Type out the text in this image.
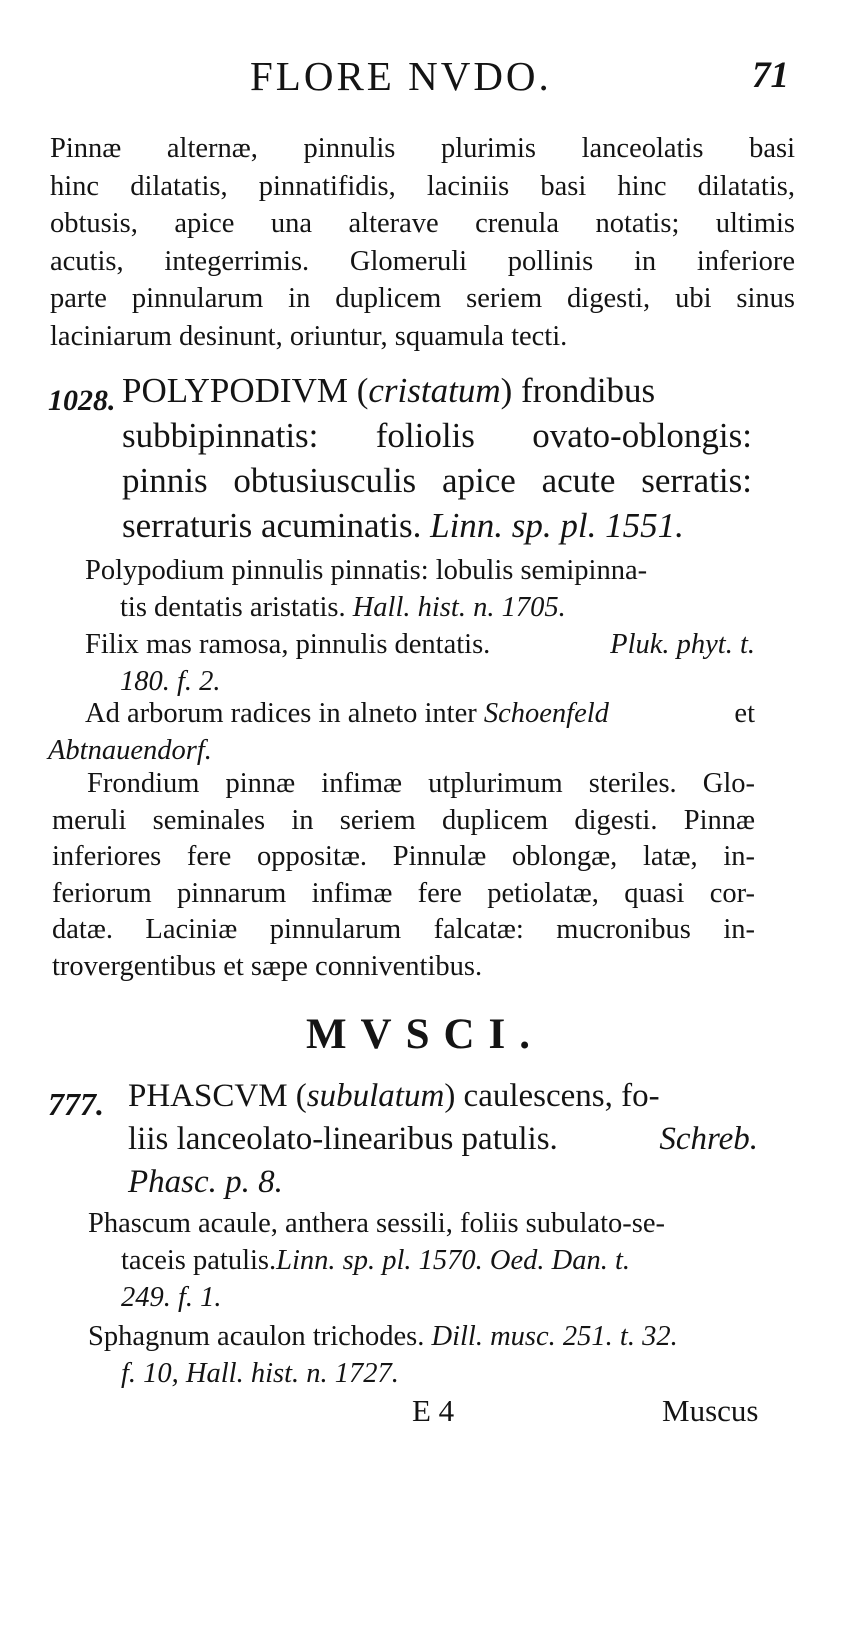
FLORE NVDO.	71
Pinnæ alternæ, pinnulis plurimis lanceolatis basi
hinc dilatatis, pinnatifidis, laciniis basi hinc dilatatis,
obtusis, apice una alterave crenula notatis; ultimis
acutis, integerrimis. Glomeruli pollinis in inferiore
parte pinnularum in duplicem seriem digesti, ubi sinus
laciniarum desinunt, oriuntur, squamula tecti.
1028. POLYPODIVM (cristatum) frondibus
subbipinnatis: foliolis ovato-oblongis:
pinnis obtusiusculis apice acute serratis:
serraturis acuminatis. Linn. sp. pl. 1551.
Polypodium pinnulis pinnatis: lobulis semipinna-
tis dentatis aristatis. Hall. hist. n. 1705.
Filix mas ramosa, pinnulis dentatis.	Pluk. phyt. t.
180. f. 2.
Ad arborum radices in alneto inter Schoenfeld	et
Abtnauendorf.
Frondium pinnæ infimæ utplurimum steriles. Glo-
meruli seminales in seriem duplicem digesti. Pinnæ
inferiores fere oppositæ. Pinnulæ oblongæ, latæ, in-
feriorum pinnarum infimæ fere petiolatæ, quasi cor-
datæ. Laciniæ pinnularum falcatæ: mucronibus in-
trovergentibus et sæpe conniventibus.
MVSCI.
777. PHASCVM (subulatum) caulescens, fo-
liis lanceolato-linearibus patulis.	Schreb.
Phasc. p. 8.
Phascum acaule, anthera sessili, foliis subulato-se-
taceis patulis. Linn. sp. pl. 1570. Oed. Dan. t.
249. f. 1.
Sphagnum acaulon trichodes. Dill. musc. 251. t. 32.
f. 10, Hall. hist. n. 1727.
E 4	Muscus
